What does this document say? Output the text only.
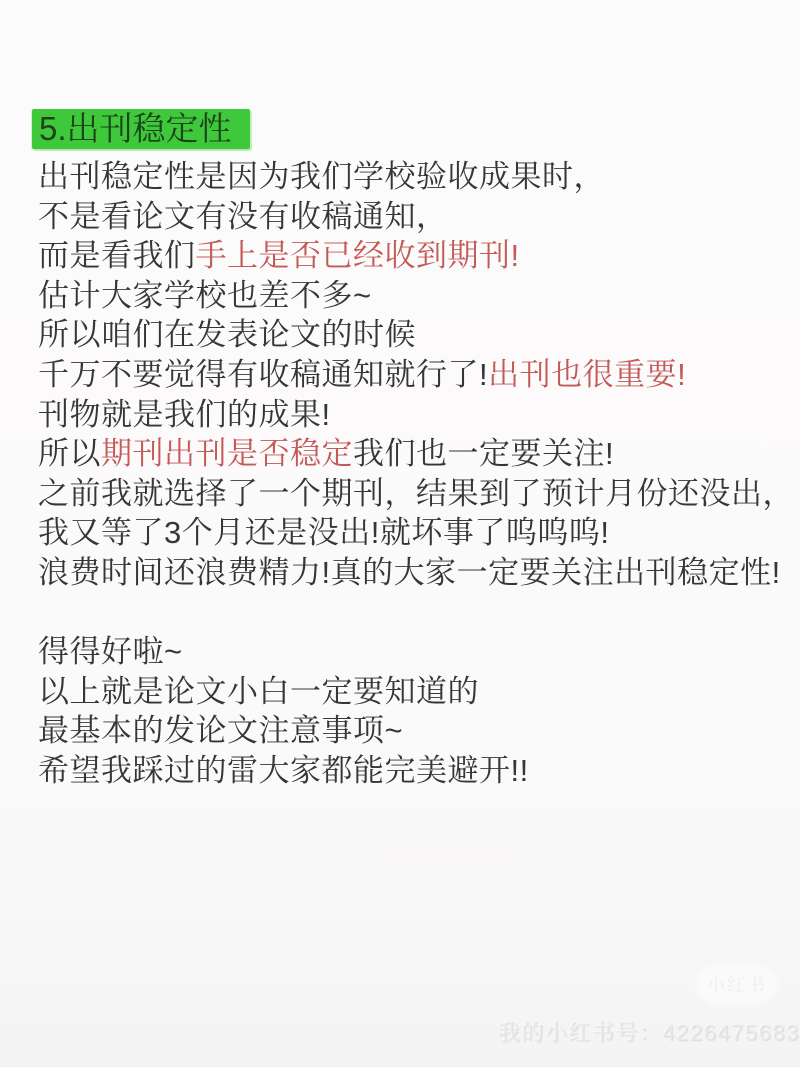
5.出刊稳定性
出刊稳定性是因为我们学校验收成果时，
不是看论文有没有收稿通知，
而是看我们手上是否已经收到期刊!
估计大家学校也差不多~
所以咱们在发表论文的时候
千万不要觉得有收稿通知就行了!出刊也很重要!
刊物就是我们的成果!
所以期刊出刊是否稳定我们也一定要关注!
之前我就选择了一个期刊，结果到了预计月份还没出，
我又等了3个月还是没出!就坏事了呜呜呜!
浪费时间还浪费精力!真的大家一定要关注出刊稳定性!
得得好啦~
以上就是论文小白一定要知道的
最基本的发论文注意事项~
希望我踩过的雷大家都能完美避开!!
小红书
我的小红书号：4226475683
